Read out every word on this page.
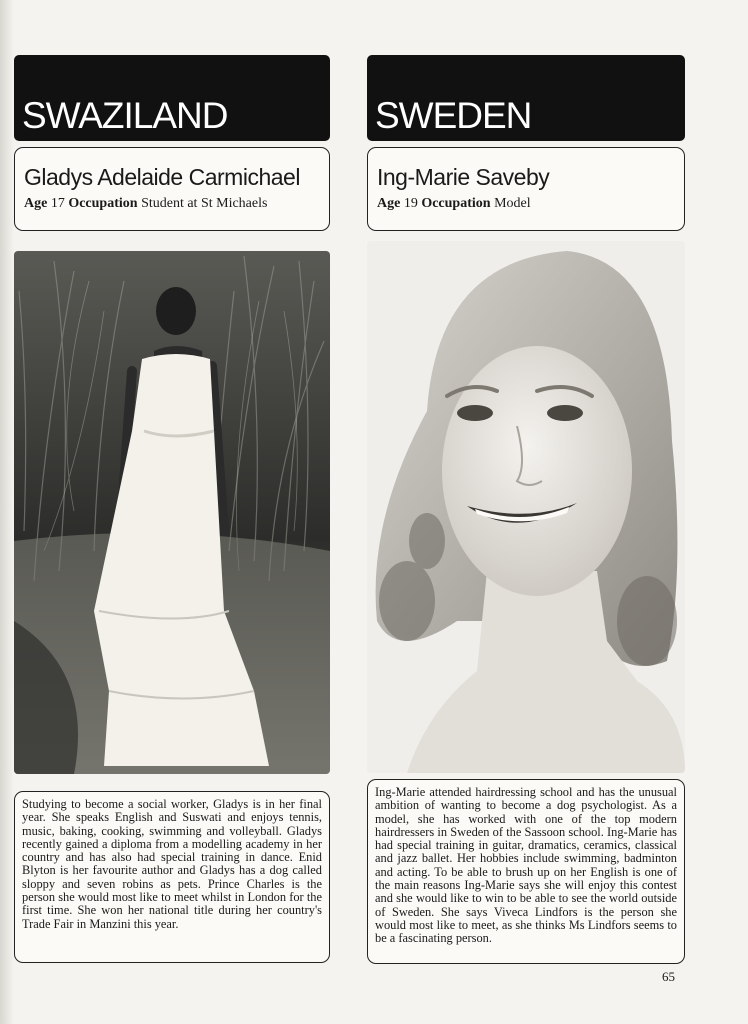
SWAZILAND
Gladys Adelaide Carmichael
Age 17 Occupation Student at St Michaels
Studying to become a social worker, Gladys is in her final year. She speaks English and Suswati and enjoys tennis, music, baking, cooking, swimming and volleyball. Gladys recently gained a diploma from a modelling academy in her country and has also had special training in dance. Enid Blyton is her favourite author and Gladys has a dog called sloppy and seven robins as pets. Prince Charles is the person she would most like to meet whilst in London for the first time. She won her national title during her country's Trade Fair in Manzini this year.
SWEDEN
Ing-Marie Saveby
Age 19 Occupation Model
Ing-Marie attended hairdressing school and has the unusual ambition of wanting to become a dog psychologist. As a model, she has worked with one of the top modern hairdressers in Sweden of the Sassoon school. Ing-Marie has had special training in guitar, dramatics, ceramics, classical and jazz ballet. Her hobbies include swimming, badminton and acting. To be able to brush up on her English is one of the main reasons Ing-Marie says she will enjoy this contest and she would like to win to be able to see the world outside of Sweden. She says Viveca Lindfors is the person she would most like to meet, as she thinks Ms Lindfors seems to be a fascinating person.
65
